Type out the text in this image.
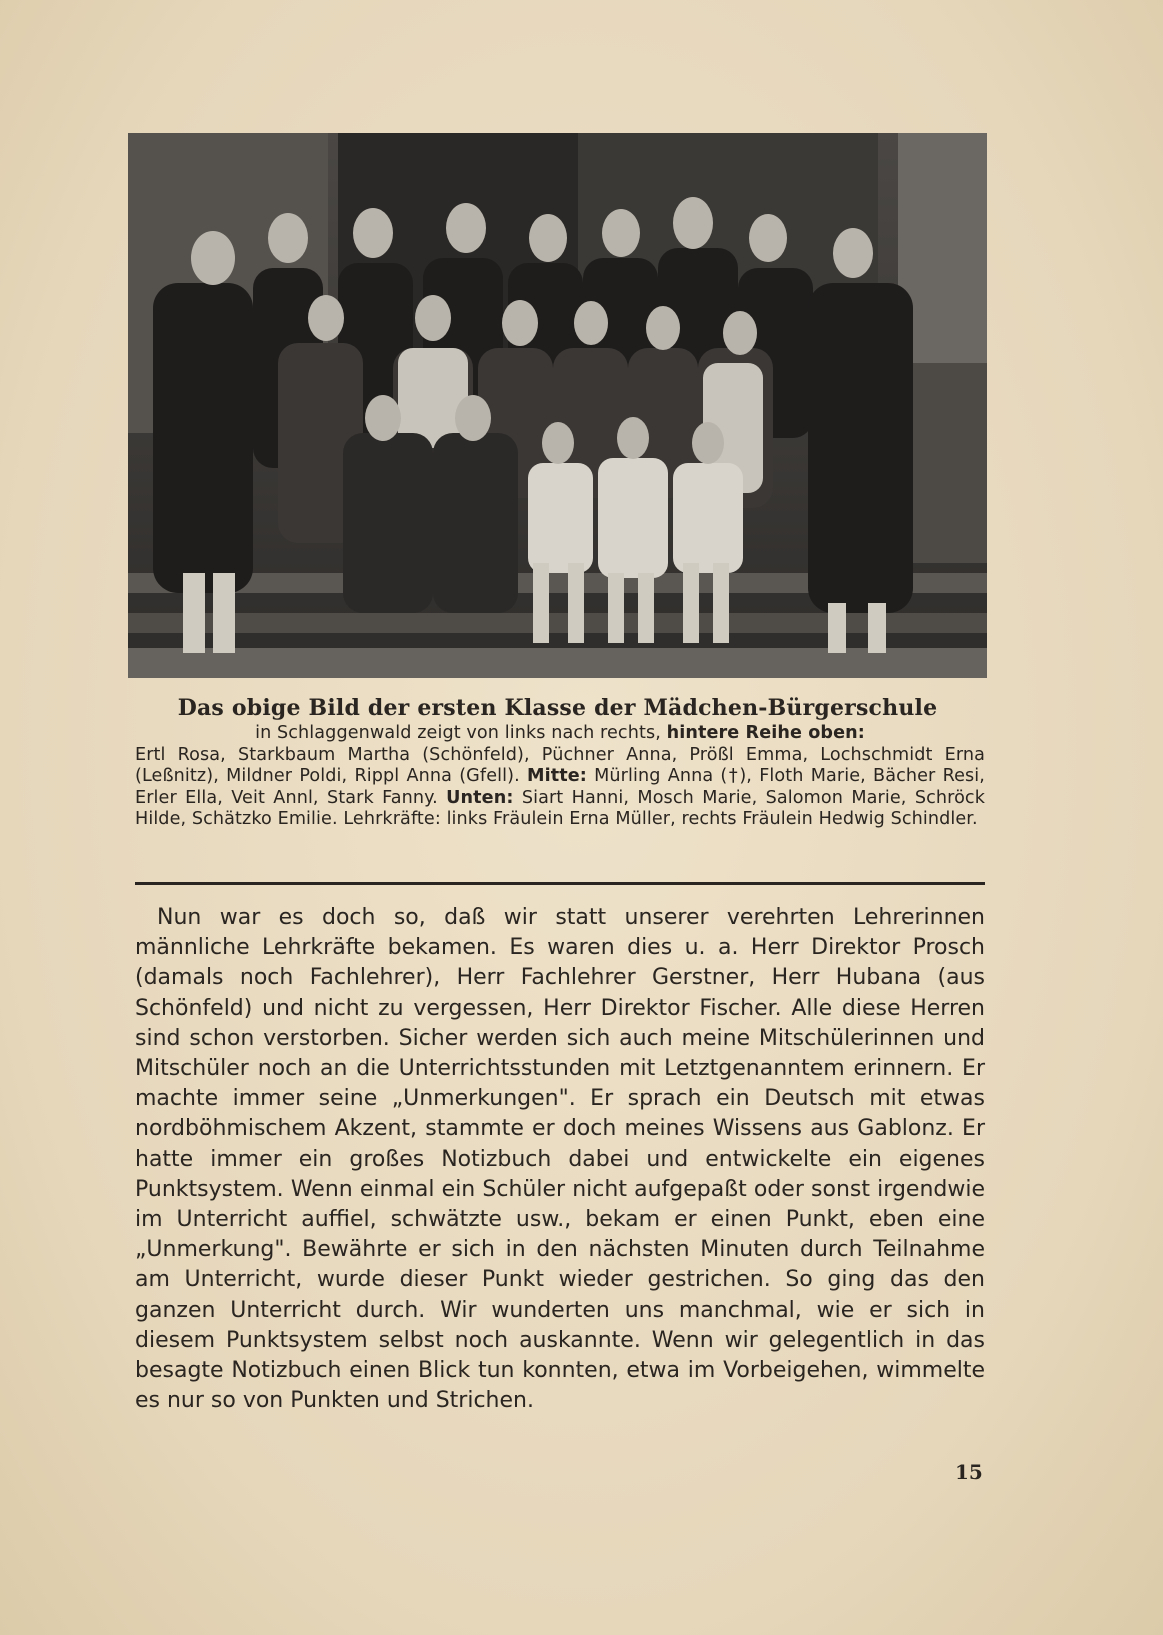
Das obige Bild der ersten Klasse der Mädchen-Bürgerschule
in Schlaggenwald zeigt von links nach rechts, hintere Reihe oben:
Ertl Rosa, Starkbaum Martha (Schönfeld), Püchner Anna, Prößl Emma, Lochschmidt Erna (Leßnitz), Mildner Poldi, Rippl Anna (Gfell). Mitte: Mürling Anna (†), Floth Marie, Bächer Resi, Erler Ella, Veit Annl, Stark Fanny. Unten: Siart Hanni, Mosch Marie, Salomon Marie, Schröck Hilde, Schätzko Emilie. Lehrkräfte: links Fräulein Erna Müller, rechts Fräulein Hedwig Schindler.
Nun war es doch so, daß wir statt unserer verehrten Lehrerinnen männliche Lehrkräfte bekamen. Es waren dies u. a. Herr Direktor Prosch (damals noch Fachlehrer), Herr Fachlehrer Gerstner, Herr Hubana (aus Schönfeld) und nicht zu vergessen, Herr Direktor Fischer. Alle diese Herren sind schon verstorben. Sicher werden sich auch meine Mitschülerinnen und Mitschüler noch an die Unterrichtsstunden mit Letztgenanntem erinnern. Er machte immer seine „Unmerkungen". Er sprach ein Deutsch mit etwas nordböhmischem Akzent, stammte er doch meines Wissens aus Gablonz. Er hatte immer ein großes Notizbuch dabei und entwickelte ein eigenes Punktsystem. Wenn einmal ein Schüler nicht aufgepaßt oder sonst irgendwie im Unterricht auffiel, schwätzte usw., bekam er einen Punkt, eben eine „Unmerkung". Bewährte er sich in den nächsten Minuten durch Teilnahme am Unterricht, wurde dieser Punkt wieder gestrichen. So ging das den ganzen Unterricht durch. Wir wunderten uns manchmal, wie er sich in diesem Punktsystem selbst noch auskannte. Wenn wir gelegentlich in das besagte Notizbuch einen Blick tun konnten, etwa im Vorbeigehen, wimmelte es nur so von Punkten und Strichen.
15
